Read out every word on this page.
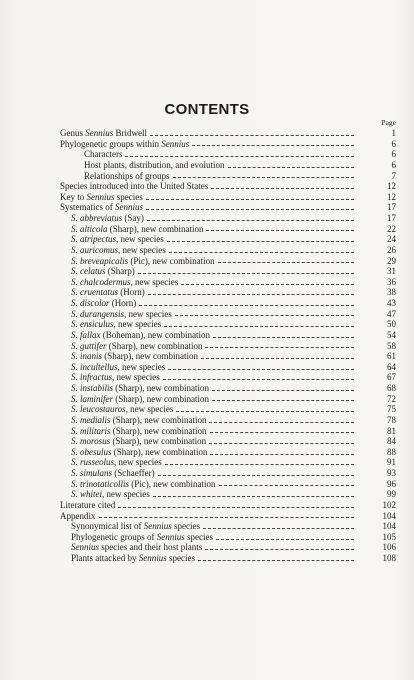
CONTENTS
Page
Genus Sennius Bridwell	1
Phylogenetic groups within Sennius	6
Characters	6
Host plants, distribution, and evolution	6
Relationships of groups	7
Species introduced into the United States	12
Key to Sennius species	12
Systematics of Sennius	17
S. abbreviatus (Say)	17
S. alticola (Sharp), new combination	22
S. atripectus, new species	24
S. auricomus, new species	26
S. breveapicalis (Pic), new combination	29
S. celatus (Sharp)	31
S. chalcodermus, new species	36
S. cruentatus (Horn)	38
S. discolor (Horn)	43
S. durangensis, new species	47
S. ensiculus, new species	50
S. fallax (Boheman), new combination	54
S. guttifer (Sharp), new combination	58
S. inanis (Sharp), new combination	61
S. incultellus, new species	64
S. infractus, new species	67
S. instabilis (Sharp), new combination	68
S. laminifer (Sharp), new combination	72
S. leucostauros, new species	75
S. medialis (Sharp), new combination	78
S. militaris (Sharp), new combination	81
S. morosus (Sharp), new combination	84
S. obesulus (Sharp), new combination	88
S. russeolus, new species	91
S. simulans (Schaeffer)	93
S. trinotaticollis (Pic), new combination	96
S. whitei, new species	99
Literature cited	102
Appendix	104
Synonymical list of Sennius species	104
Phylogenetic groups of Sennius species	105
Sennius species and their host plants	106
Plants attacked by Sennius species	108
